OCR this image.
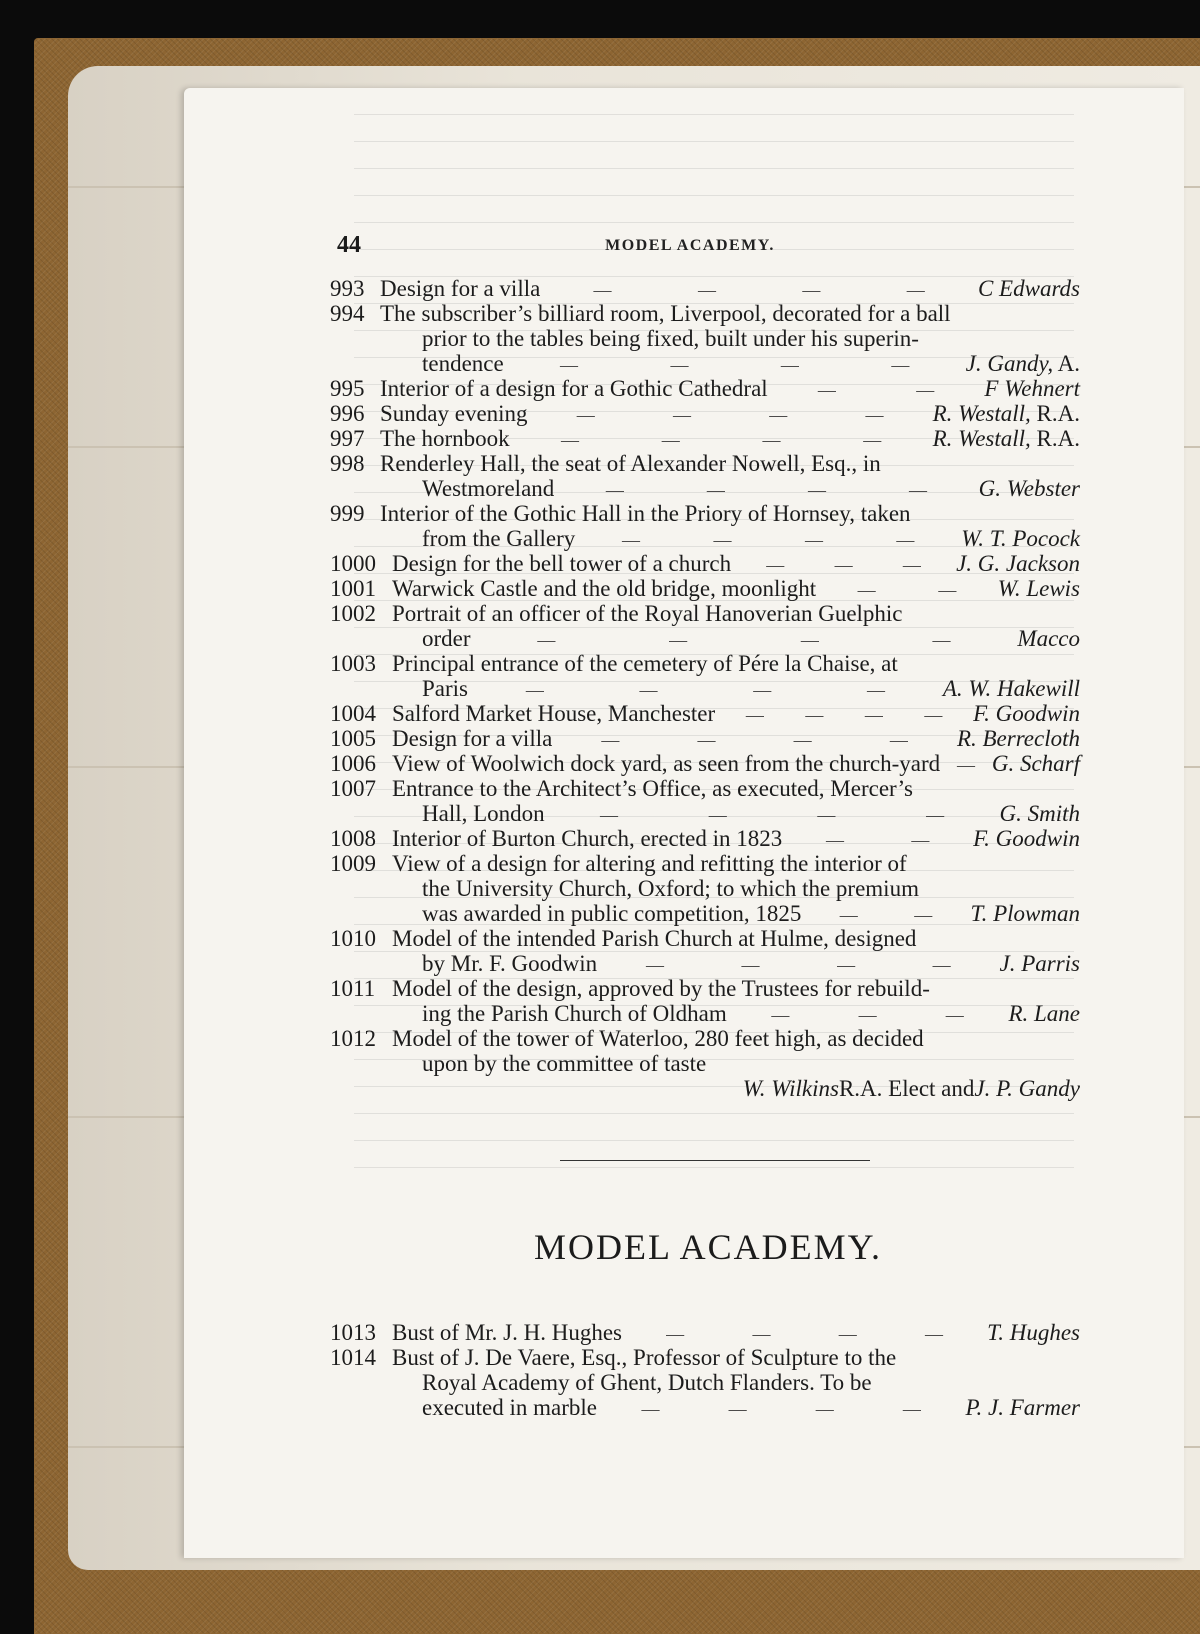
44	MODEL ACADEMY.
993 Design for a villa	—	—	—	— C Edwards
994 The subscriber’s billiard room, Liverpool, decorated for a ball
prior to the tables being fixed, built under his superin-
tendence	—	—	—	— J. Gandy, A.
995 Interior of a design for a Gothic Cathedral	—	— F Wehnert
996 Sunday evening	—	—	—	— R. Westall, R.A.
997 The hornbook	—	—	—	— R. Westall, R.A.
998 Renderley Hall, the seat of Alexander Nowell, Esq., in
Westmoreland	—	—	—	— G. Webster
999 Interior of the Gothic Hall in the Priory of Hornsey, taken
from the Gallery	—	—	—	— W. T. Pocock
1000 Design for the bell tower of a church —	—	— J. G. Jackson
1001 Warwick Castle and the old bridge, moonlight —	— W. Lewis
1002 Portrait of an officer of the Royal Hanoverian Guelphic
order	—	—	—	—	Macco
1003 Principal entrance of the cemetery of Pére la Chaise, at
Paris	—	—	—	—	A. W. Hakewill
1004 Salford Market House, Manchester — — — — F. Goodwin
1005 Design for a villa	—	—	—	— R. Berrecloth
1006 View of Woolwich dock yard, as seen from the church-yard — G. Scharf
1007 Entrance to the Architect’s Office, as executed, Mercer’s
Hall, London	—	—	—	— G. Smith
1008 Interior of Burton Church, erected in 1823 —	— F. Goodwin
1009 View of a design for altering and refitting the interior of
the University Church, Oxford; to which the premium
was awarded in public competition, 1825 —	— T. Plowman
1010 Model of the intended Parish Church at Hulme, designed
by Mr. F. Goodwin	—	—	—	— J. Parris
1011 Model of the design, approved by the Trustees for rebuild-
ing the Parish Church of Oldham —	—	— R. Lane
1012 Model of the tower of Waterloo, 280 feet high, as decided
upon by the committee of taste
W. Wilkins R.A. Elect and J. P. Gandy
MODEL ACADEMY.
1013 Bust of Mr. J. H. Hughes —	—	—	— T. Hughes
1014 Bust of J. De Vaere, Esq., Professor of Sculpture to the
Royal Academy of Ghent, Dutch Flanders. To be
executed in marble —	—	—	— P. J. Farmer
